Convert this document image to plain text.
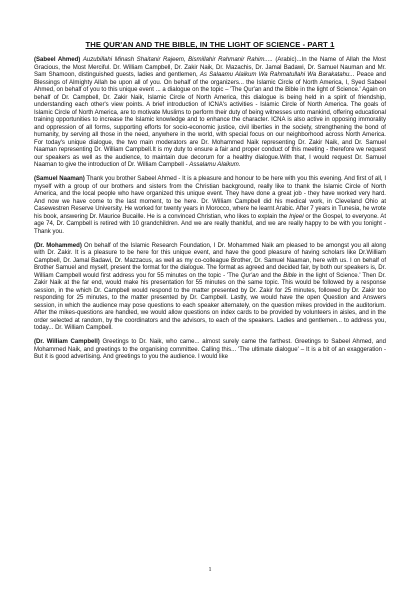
THE QUR'AN AND THE BIBLE, IN THE LIGHT OF SCIENCE - PART 1

(Sabeel Ahmed) Auzubillahi Minash Shaitanir Rajeem, Bismillahir Rahmanir Rahim..... (Arabic)...In the Name of Allah the Most Gracious, the Most Merciful. Dr. William Campbell, Dr. Zakir Naik, Dr. Mazachis, Dr. Jamal Badawi, Dr. Samuel Nauman and Mr. Sam Shamoon, distinguished guests, ladies and gentlemen, As Salaamu Alaikum Wa Rahmatullahi Wa Barakatahu... Peace and Blessings of Almighty Allah be upon all of you. On behalf of the organizers... the Islamic Circle of North America, I, Syed Sabeel Ahmed, on behalf of you to this unique event ... a dialogue on the topic – 'The Qur'an and the Bible in the light of Science.' Again on behalf of Dr. Campbell, Dr. Zakir Naik, Islamic Circle of North America, this dialogue is being held in a spirit of friendship, understanding each other's view points. A brief introduction of ICNA's activities - Islamic Circle of North America. The goals of Islamic Circle of North America, are to motivate Muslims to perform their duty of being witnesses unto mankind, offering educational training opportunities to increase the Islamic knowledge and to enhance the character. ICNA is also active in opposing immorality and oppression of all forms, supporting efforts for socio-economic justice, civil liberties in the society, strengthening the bond of humanity, by serving all those in the need, anywhere in the world, with special focus on our neighborhood across North America. For today's unique dialogue, the two main moderators are Dr. Mohammed Naik representing Dr. Zakir Naik, and Dr. Samuel Naaman representing Dr. William Campbell.It is my duty to ensure a fair and proper conduct of this meeting - therefore we request our speakers as well as the audience, to maintain due decorum for a healthy dialogue.With that, I would request Dr. Samuel Naaman to give the introduction of Dr. William Campbell - Assalamu Alaikum.

(Samuel Naaman) Thank you brother Sabeel Ahmed - It is a pleasure and honour to be here with you this evening. And first of all, I myself with a group of our brothers and sisters from the Christian background, really like to thank the Islamic Circle of North America, and the local people who have organized this unique event. They have done a great job - they have worked very hard. And now we have come to the last moment, to be here. Dr. William Campbell did his medical work, in Cleveland Ohio at Casewestren Reserve University. He worked for twenty years in Morocco, where he learnt Arabic. After 7 years in Tunesia, he wrote his book, answering Dr. Maurice Bucaille. He is a convinced Christian, who likes to explain the Injeel or the Gospel, to everyone. At age 74, Dr. Campbell is retired with 10 grandchildren. And we are really thankful, and we are really happy to be with you tonight - Thank you.

(Dr. Mohammed) On behalf of the Islamic Research Foundation, I Dr. Mohammed Naik am pleased to be amongst you all along with Dr. Zakir. It is a pleasure to be here for this unique event, and have the good pleasure of having scholars like Dr.William Campbell, Dr. Jamal Badawi, Dr. Mazzacus, as well as my co-colleague Brother, Dr. Samuel Naaman, here with us. I on behalf of Brother Samuel and myself, present the format for the dialogue. The format as agreed and decided fair, by both our speakers is, Dr. William Campbell would first address you for 55 minutes on the topic - 'The Qur'an and the Bible in the light of Science.' Then Dr. Zakir Naik at the far end, would make his presentation for 55 minutes on the same topic. This would be followed by a response session, in the which Dr. Campbell would respond to the matter presented by Dr. Zakir for 25 minutes, followed by Dr. Zakir too responding for 25 minutes, to the matter presented by Dr. Campbell. Lastly, we would have the open Question and Answers session, in which the audience may pose questions to each speaker alternately, on the question mikes provided in the auditorium. After the mikes-questions are handled, we would allow questions on index cards to be provided by volunteers in aisles, and in the order selected at random, by the coordinators and the advisors, to each of the speakers. Ladies and gentlemen... to address you, today... Dr. William Campbell.

(Dr. William Campbell) Greetings to Dr. Naik, who came... almost surely came the farthest. Greetings to Sabeel Ahmed, and Mohammed Naik, and greetings to the organising committee. Calling this... 'The ultimate dialogue' – It is a bit of an exaggeration - But it is good advertising. And greetings to you the audience. I would like

1
